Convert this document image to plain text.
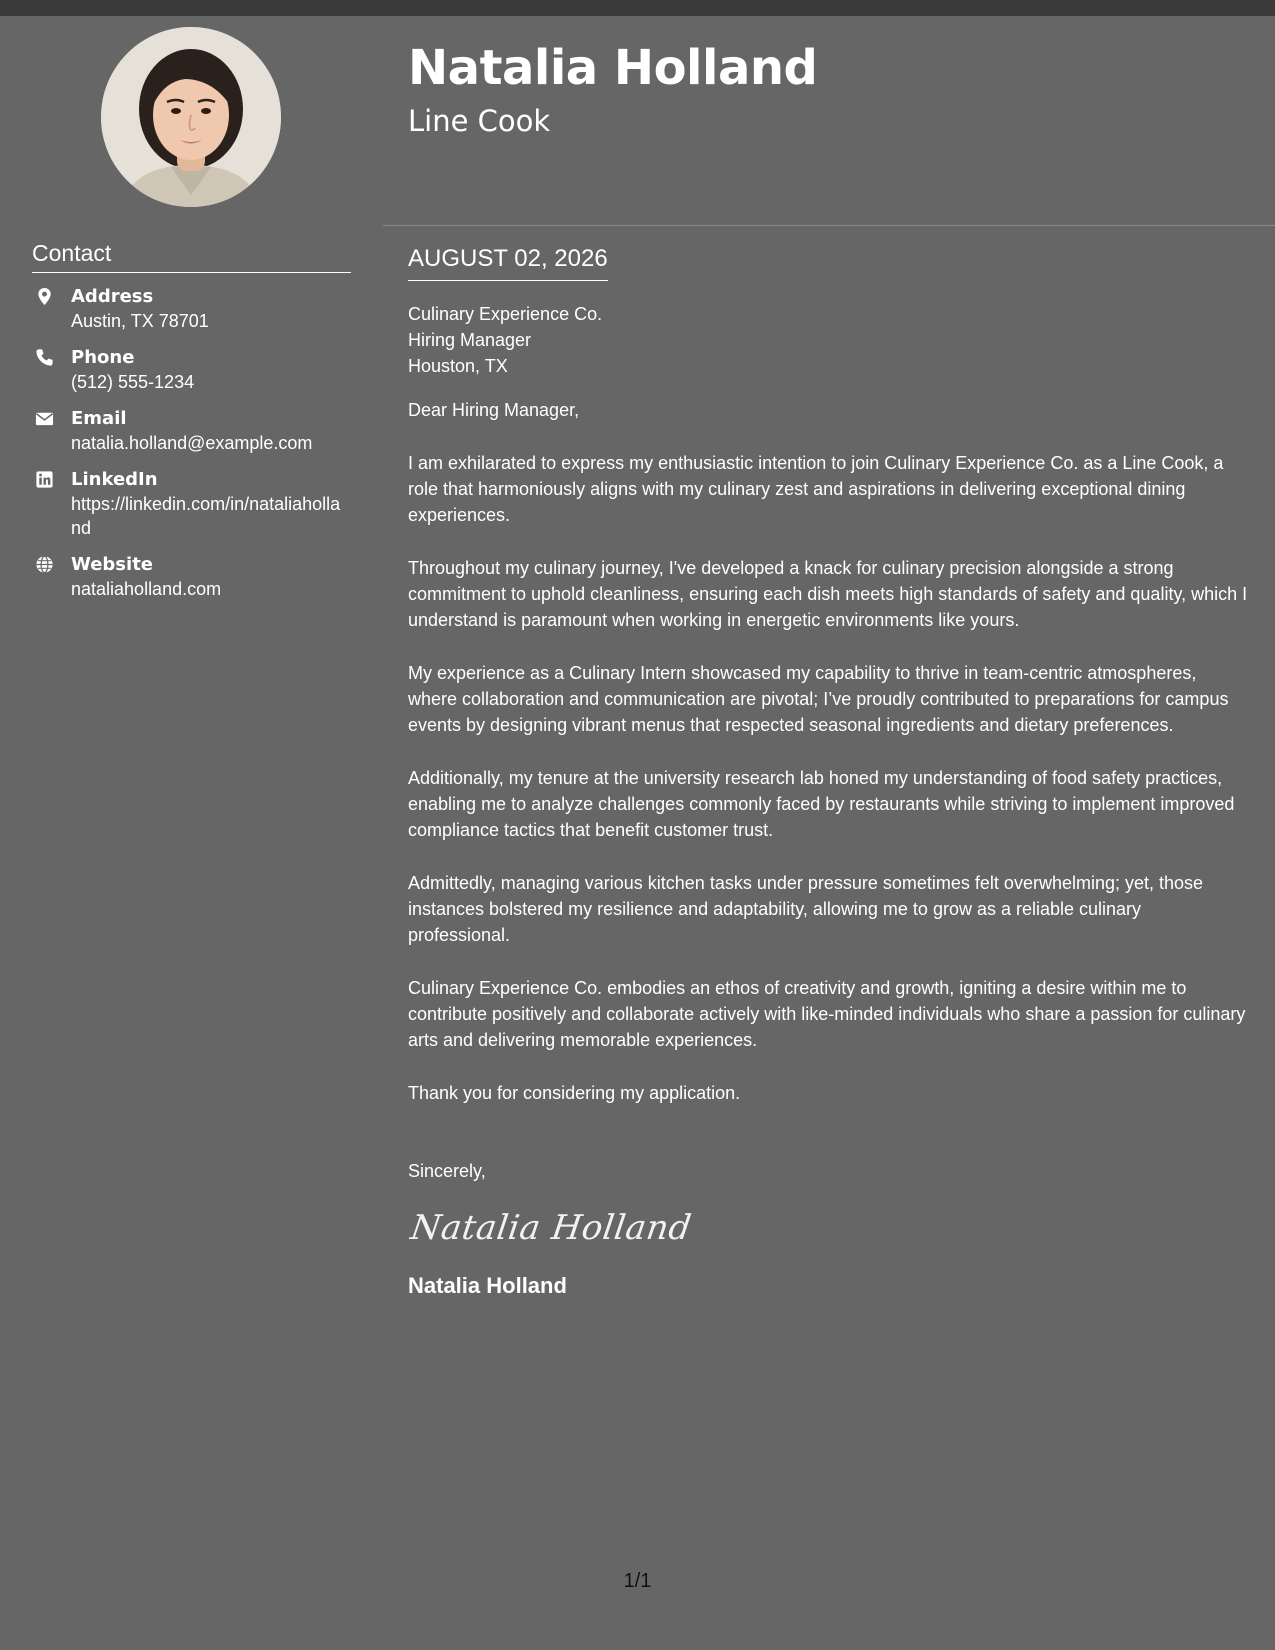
Natalia Holland
Line Cook
Contact
Address
Austin, TX 78701
Phone
(512) 555-1234
Email
natalia.holland@example.com
LinkedIn
https://linkedin.com/in/nataliaholland
Website
nataliaholland.com
AUGUST 02, 2026
Culinary Experience Co.
Hiring Manager
Houston, TX

Dear Hiring Manager,

I am exhilarated to express my enthusiastic intention to join Culinary Experience Co. as a Line Cook, a role that harmoniously aligns with my culinary zest and aspirations in delivering exceptional dining experiences.

Throughout my culinary journey, I've developed a knack for culinary precision alongside a strong commitment to uphold cleanliness, ensuring each dish meets high standards of safety and quality, which I understand is paramount when working in energetic environments like yours.

My experience as a Culinary Intern showcased my capability to thrive in team-centric atmospheres, where collaboration and communication are pivotal; I’ve proudly contributed to preparations for campus events by designing vibrant menus that respected seasonal ingredients and dietary preferences.

Additionally, my tenure at the university research lab honed my understanding of food safety practices, enabling me to analyze challenges commonly faced by restaurants while striving to implement improved compliance tactics that benefit customer trust.

Admittedly, managing various kitchen tasks under pressure sometimes felt overwhelming; yet, those instances bolstered my resilience and adaptability, allowing me to grow as a reliable culinary professional.

Culinary Experience Co. embodies an ethos of creativity and growth, igniting a desire within me to contribute positively and collaborate actively with like-minded individuals who share a passion for culinary arts and delivering memorable experiences.

Thank you for considering my application.

Sincerely,
Natalia Holland
Natalia Holland
1/1
